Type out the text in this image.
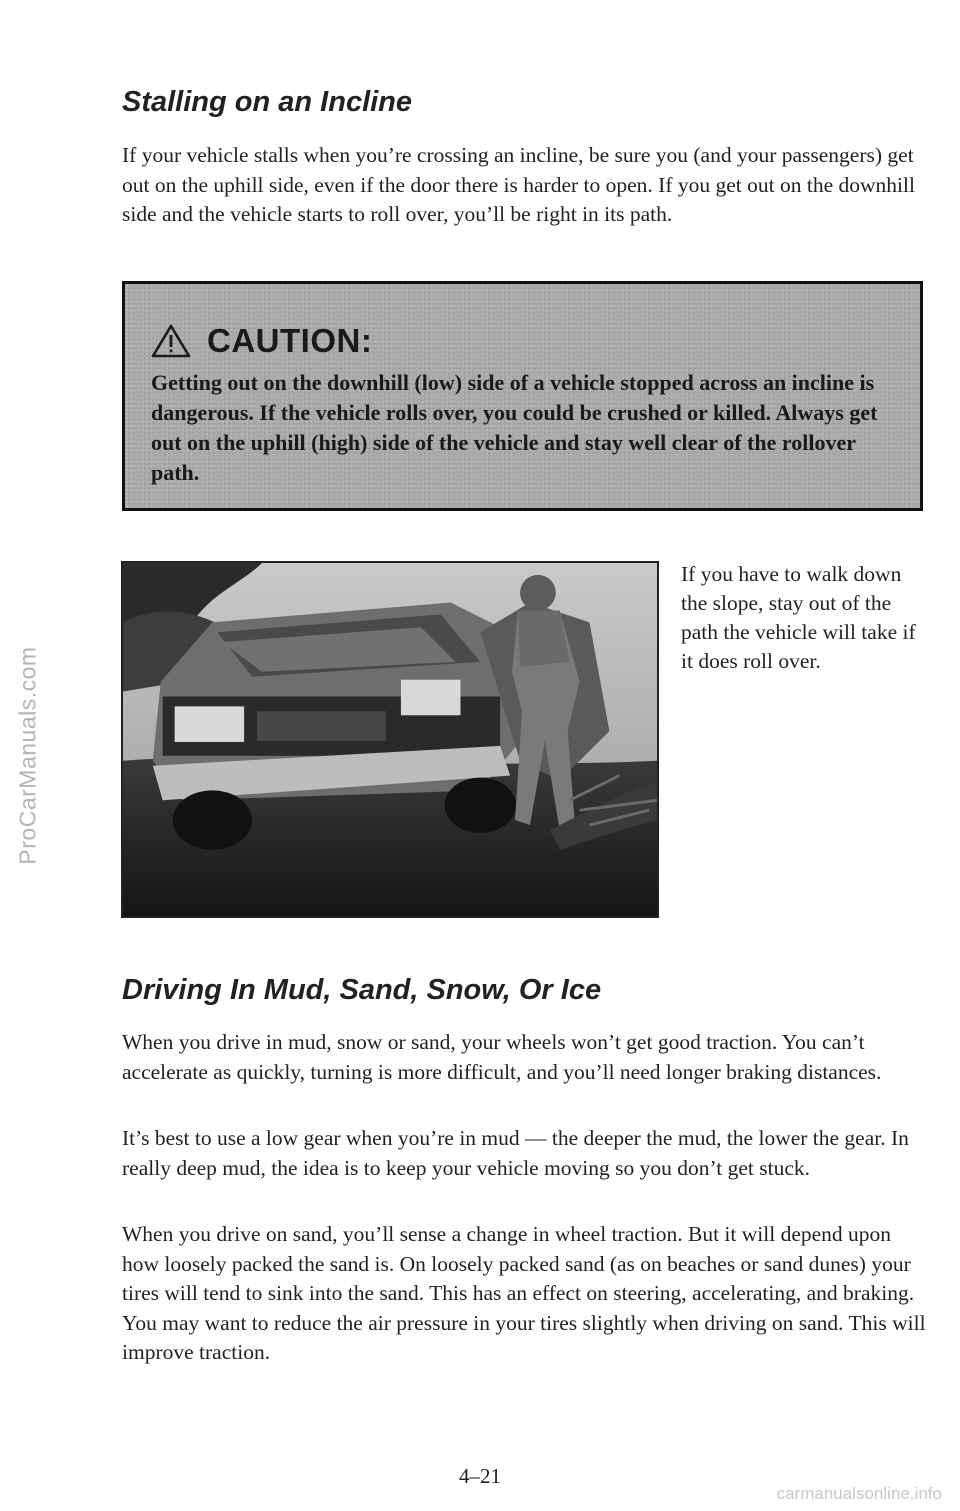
ProCarManuals.com
Stalling on an Incline

If your vehicle stalls when you’re crossing an incline, be sure you (and your passengers) get out on the uphill side, even if the door there is harder to open. If you get out on the downhill side and the vehicle starts to roll over, you’ll be right in its path.

CAUTION:

Getting out on the downhill (low) side of a vehicle stopped across an incline is dangerous. If the vehicle rolls over, you could be crushed or killed. Always get out on the uphill (high) side of the vehicle and stay well clear of the rollover path.

If you have to walk down the slope, stay out of the path the vehicle will take if it does roll over.

Driving In Mud, Sand, Snow, Or Ice

When you drive in mud, snow or sand, your wheels won’t get good traction. You can’t accelerate as quickly, turning is more difficult, and you’ll need longer braking distances.

It’s best to use a low gear when you’re in mud — the deeper the mud, the lower the gear. In really deep mud, the idea is to keep your vehicle moving so you don’t get stuck.

When you drive on sand, you’ll sense a change in wheel traction. But it will depend upon how loosely packed the sand is. On loosely packed sand (as on beaches or sand dunes) your tires will tend to sink into the sand. This has an effect on steering, accelerating, and braking. You may want to reduce the air pressure in your tires slightly when driving on sand. This will improve traction.

4–21

carmanualsonline.info
